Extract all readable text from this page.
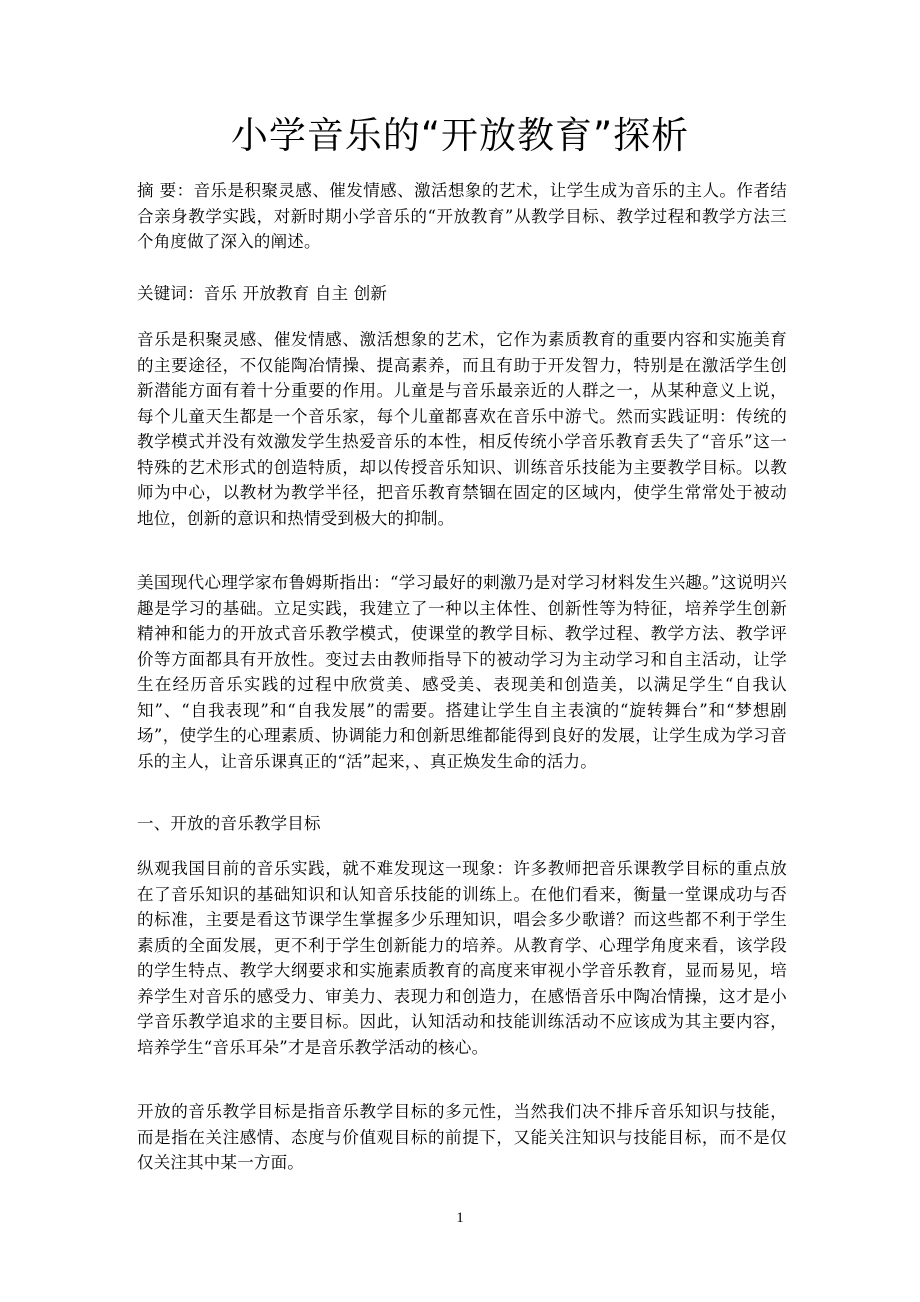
小学音乐的“开放教育”探析

摘 要：音乐是积聚灵感、催发情感、激活想象的艺术，让学生成为音乐的主人。作者结合亲身教学实践，对新时期小学音乐的“开放教育”从教学目标、教学过程和教学方法三个角度做了深入的阐述。

关键词：音乐 开放教育 自主 创新

音乐是积聚灵感、催发情感、激活想象的艺术，它作为素质教育的重要内容和实施美育的主要途径，不仅能陶冶情操、提高素养，而且有助于开发智力，特别是在激活学生创新潜能方面有着十分重要的作用。儿童是与音乐最亲近的人群之一，从某种意义上说，每个儿童天生都是一个音乐家，每个儿童都喜欢在音乐中游弋。然而实践证明：传统的教学模式并没有效激发学生热爱音乐的本性，相反传统小学音乐教育丢失了“音乐”这一特殊的艺术形式的创造特质，却以传授音乐知识、训练音乐技能为主要教学目标。以教师为中心，以教材为教学半径，把音乐教育禁锢在固定的区域内，使学生常常处于被动地位，创新的意识和热情受到极大的抑制。

美国现代心理学家布鲁姆斯指出：“学习最好的刺激乃是对学习材料发生兴趣。”这说明兴趣是学习的基础。立足实践，我建立了一种以主体性、创新性等为特征，培养学生创新精神和能力的开放式音乐教学模式，使课堂的教学目标、教学过程、教学方法、教学评价等方面都具有开放性。变过去由教师指导下的被动学习为主动学习和自主活动，让学生在经历音乐实践的过程中欣赏美、感受美、表现美和创造美，以满足学生“自我认知”、“自我表现”和“自我发展”的需要。搭建让学生自主表演的“旋转舞台”和“梦想剧场”，使学生的心理素质、协调能力和创新思维都能得到良好的发展，让学生成为学习音乐的主人，让音乐课真正的“活”起来，、真正焕发生命的活力。

一、开放的音乐教学目标

纵观我国目前的音乐实践，就不难发现这一现象：许多教师把音乐课教学目标的重点放在了音乐知识的基础知识和认知音乐技能的训练上。在他们看来，衡量一堂课成功与否的标准，主要是看这节课学生掌握多少乐理知识，唱会多少歌谱？而这些都不利于学生素质的全面发展，更不利于学生创新能力的培养。从教育学、心理学角度来看，该学段的学生特点、教学大纲要求和实施素质教育的高度来审视小学音乐教育，显而易见，培养学生对音乐的感受力、审美力、表现力和创造力，在感悟音乐中陶冶情操，这才是小学音乐教学追求的主要目标。因此，认知活动和技能训练活动不应该成为其主要内容，培养学生“音乐耳朵”才是音乐教学活动的核心。

开放的音乐教学目标是指音乐教学目标的多元性，当然我们决不排斥音乐知识与技能，而是指在关注感情、态度与价值观目标的前提下，又能关注知识与技能目标，而不是仅仅关注其中某一方面。

1
